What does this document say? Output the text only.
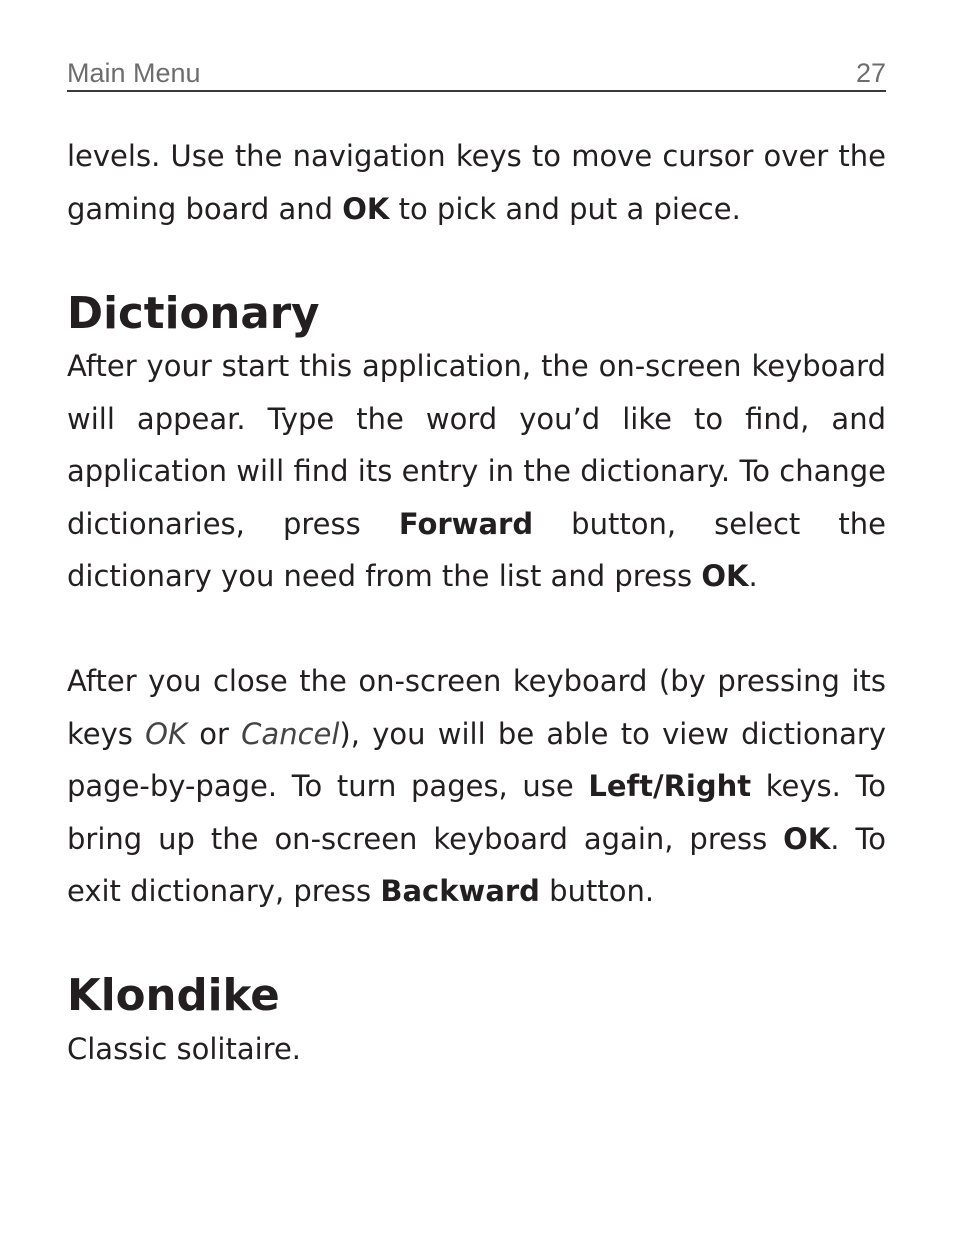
Main Menu	27

levels. Use the navigation keys to move cursor over the gaming board and OK to pick and put a piece.

Dictionary

After your start this application, the on-screen keyboard will appear. Type the word you’d like to find, and application will find its entry in the dictionary. To change dictionaries, press Forward button, select the dictionary you need from the list and press OK.

After you close the on-screen keyboard (by pressing its keys OK or Cancel), you will be able to view dictionary page-by-page. To turn pages, use Left/Right keys. To bring up the on-screen keyboard again, press OK. To exit dictionary, press Backward button.

Klondike

Classic solitaire.
